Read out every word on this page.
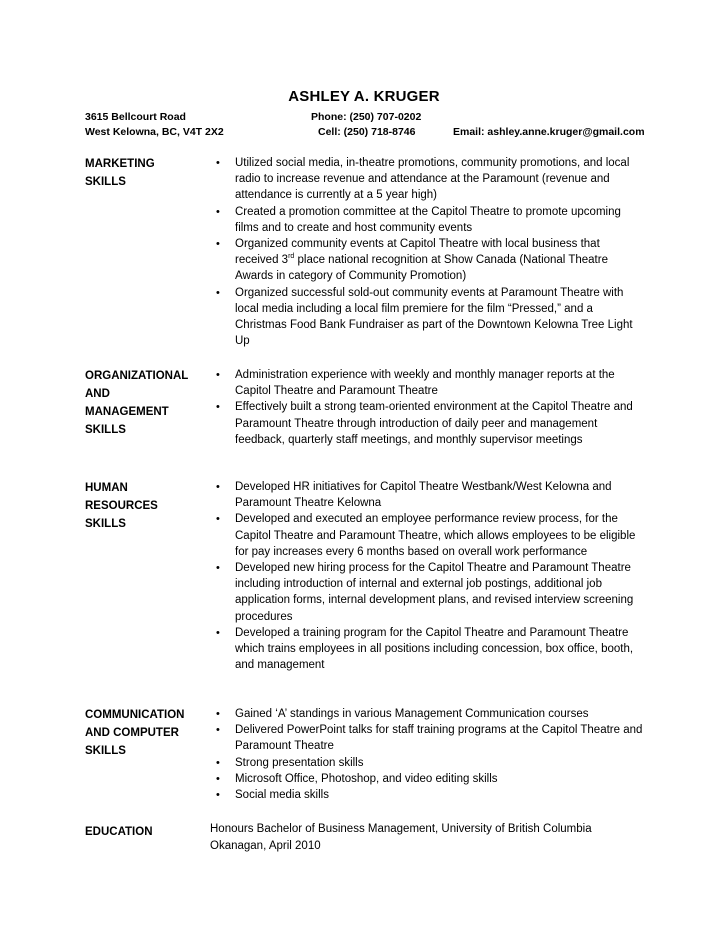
ASHLEY A. KRUGER
3615 Bellcourt Road
West Kelowna, BC, V4T 2X2
Phone: (250) 707-0202
Cell: (250) 718-8746	Email: ashley.anne.kruger@gmail.com
MARKETING
SKILLS
• Utilized social media, in-theatre promotions, community promotions, and local radio to increase revenue and attendance at the Paramount (revenue and attendance is currently at a 5 year high)
• Created a promotion committee at the Capitol Theatre to promote upcoming films and to create and host community events
• Organized community events at Capitol Theatre with local business that received 3rd place national recognition at Show Canada (National Theatre Awards in category of Community Promotion)
• Organized successful sold-out community events at Paramount Theatre with local media including a local film premiere for the film “Pressed,” and a Christmas Food Bank Fundraiser as part of the Downtown Kelowna Tree Light Up
ORGANIZATIONAL
AND
MANAGEMENT
SKILLS
• Administration experience with weekly and monthly manager reports at the Capitol Theatre and Paramount Theatre
• Effectively built a strong team-oriented environment at the Capitol Theatre and Paramount Theatre through introduction of daily peer and management feedback, quarterly staff meetings, and monthly supervisor meetings
HUMAN
RESOURCES
SKILLS
• Developed HR initiatives for Capitol Theatre Westbank/West Kelowna and Paramount Theatre Kelowna
• Developed and executed an employee performance review process, for the Capitol Theatre and Paramount Theatre, which allows employees to be eligible for pay increases every 6 months based on overall work performance
• Developed new hiring process for the Capitol Theatre and Paramount Theatre including introduction of internal and external job postings, additional job application forms, internal development plans, and revised interview screening procedures
• Developed a training program for the Capitol Theatre and Paramount Theatre which trains employees in all positions including concession, box office, booth, and management
COMMUNICATION
AND COMPUTER
SKILLS
• Gained ‘A’ standings in various Management Communication courses
• Delivered PowerPoint talks for staff training programs at the Capitol Theatre and Paramount Theatre
• Strong presentation skills
• Microsoft Office, Photoshop, and video editing skills
• Social media skills
EDUCATION	Honours Bachelor of Business Management, University of British Columbia
Okanagan, April 2010
